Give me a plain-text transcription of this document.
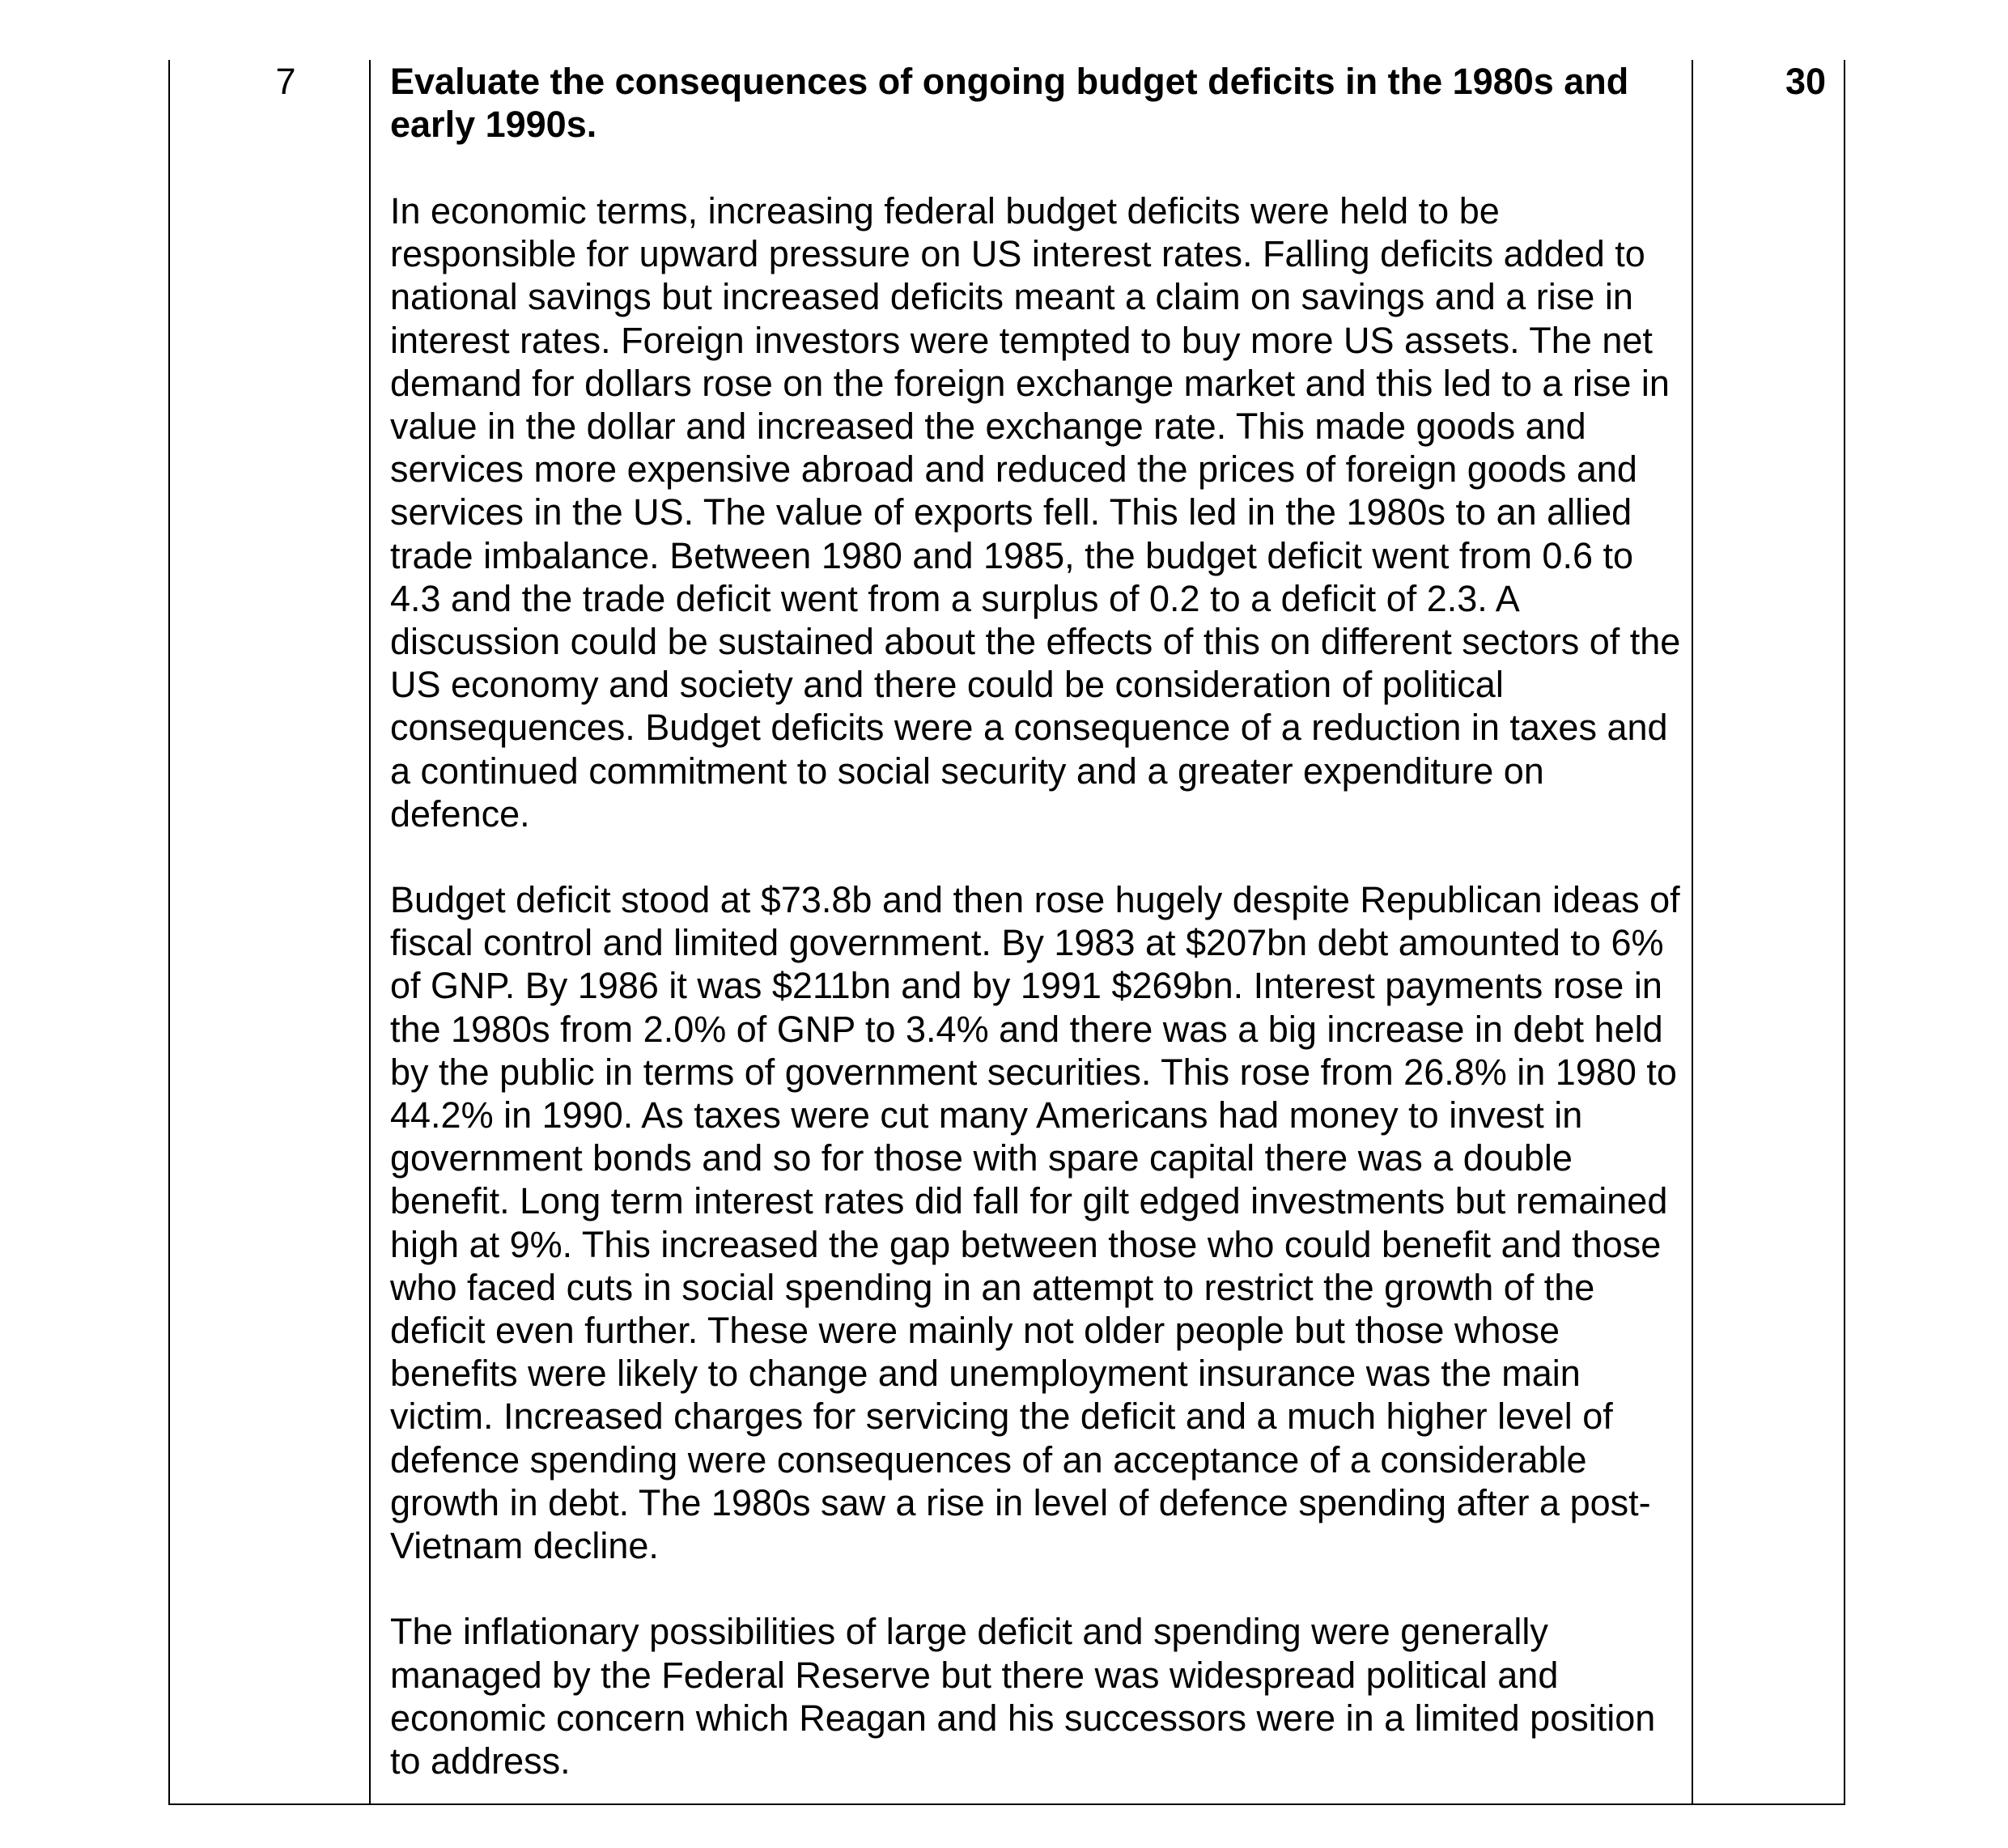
7	Evaluate the consequences of ongoing budget deficits in the 1980s and early 1990s.

In economic terms, increasing federal budget deficits were held to be responsible for upward pressure on US interest rates. Falling deficits added to national savings but increased deficits meant a claim on savings and a rise in interest rates. Foreign investors were tempted to buy more US assets. The net demand for dollars rose on the foreign exchange market and this led to a rise in value in the dollar and increased the exchange rate. This made goods and services more expensive abroad and reduced the prices of foreign goods and services in the US. The value of exports fell. This led in the 1980s to an allied trade imbalance. Between 1980 and 1985, the budget deficit went from 0.6 to 4.3 and the trade deficit went from a surplus of 0.2 to a deficit of 2.3. A discussion could be sustained about the effects of this on different sectors of the US economy and society and there could be consideration of political consequences. Budget deficits were a consequence of a reduction in taxes and a continued commitment to social security and a greater expenditure on defence.

Budget deficit stood at $73.8b and then rose hugely despite Republican ideas of fiscal control and limited government. By 1983 at $207bn debt amounted to 6% of GNP. By 1986 it was $211bn and by 1991 $269bn. Interest payments rose in the 1980s from 2.0% of GNP to 3.4% and there was a big increase in debt held by the public in terms of government securities. This rose from 26.8% in 1980 to 44.2% in 1990. As taxes were cut many Americans had money to invest in government bonds and so for those with spare capital there was a double benefit. Long term interest rates did fall for gilt edged investments but remained high at 9%. This increased the gap between those who could benefit and those who faced cuts in social spending in an attempt to restrict the growth of the deficit even further. These were mainly not older people but those whose benefits were likely to change and unemployment insurance was the main victim. Increased charges for servicing the deficit and a much higher level of defence spending were consequences of an acceptance of a considerable growth in debt. The 1980s saw a rise in level of defence spending after a post-Vietnam decline.

The inflationary possibilities of large deficit and spending were generally managed by the Federal Reserve but there was widespread political and economic concern which Reagan and his successors were in a limited position to address.

30
